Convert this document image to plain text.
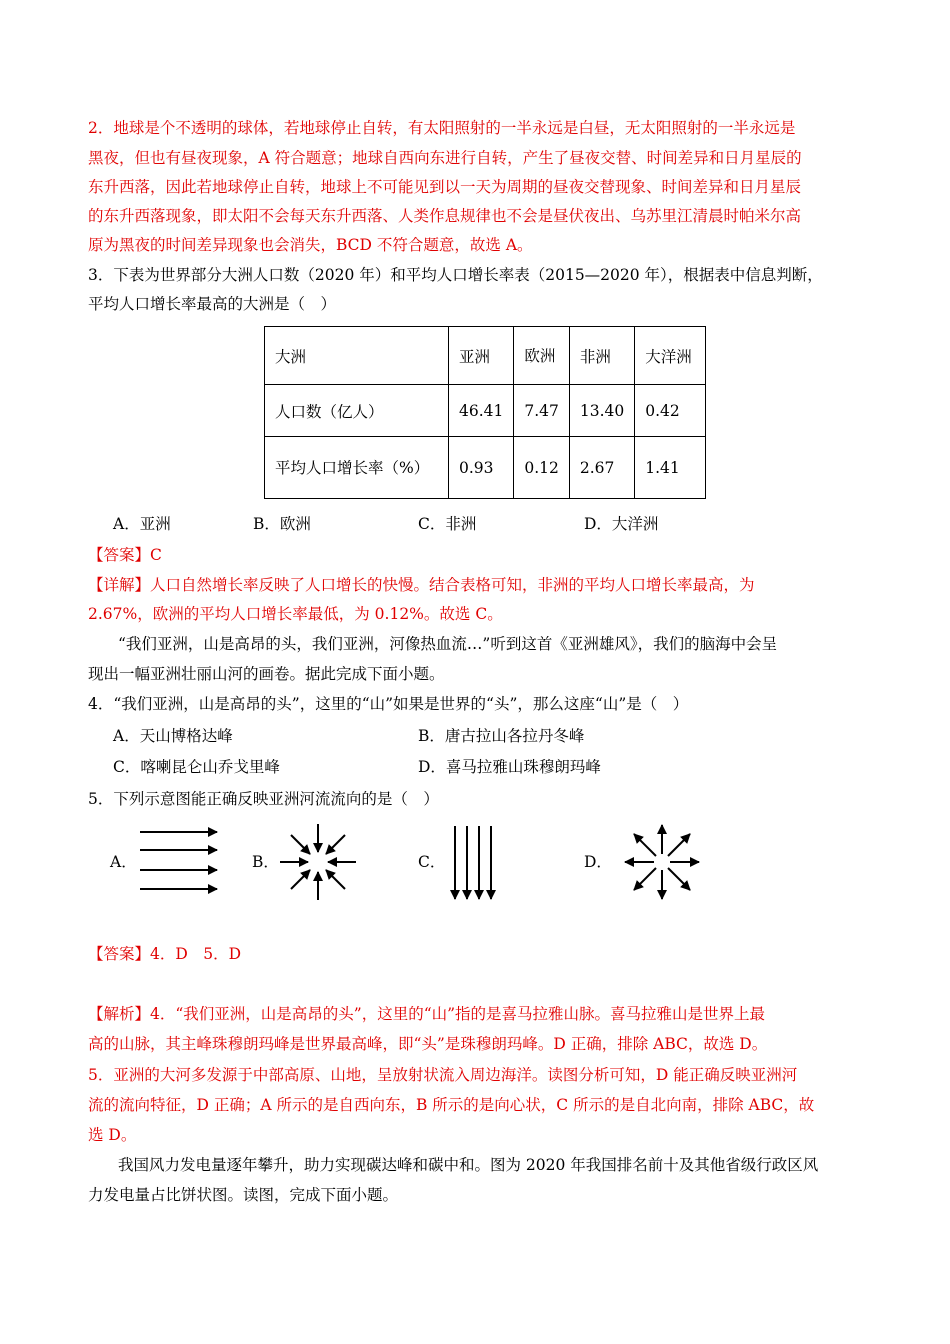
2．地球是个不透明的球体，若地球停止自转，有太阳照射的一半永远是白昼，无太阳照射的一半永远是
黑夜，但也有昼夜现象，A 符合题意；地球自西向东进行自转，产生了昼夜交替、时间差异和日月星辰的
东升西落，因此若地球停止自转，地球上不可能见到以一天为周期的昼夜交替现象、时间差异和日月星辰
的东升西落现象，即太阳不会每天东升西落、人类作息规律也不会是昼伏夜出、乌苏里江清晨时帕米尔高
原为黑夜的时间差异现象也会消失，BCD 不符合题意，故选 A。
3．下表为世界部分大洲人口数（2020 年）和平均人口增长率表（2015—2020 年），根据表中信息判断，
平均人口增长率最高的大洲是（　）
大洲	亚洲	欧洲	非洲	大洋洲
人口数（亿人）	46.41	7.47	13.40	0.42
平均人口增长率（%）	0.93	0.12	2.67	1.41
A．亚洲	B．欧洲	C．非洲	D．大洋洲
【答案】C
【详解】人口自然增长率反映了人口增长的快慢。结合表格可知，非洲的平均人口增长率最高，为
2.67%，欧洲的平均人口增长率最低，为 0.12%。故选 C。
“我们亚洲，山是高昂的头，我们亚洲，河像热血流…”听到这首《亚洲雄风》，我们的脑海中会呈
现出一幅亚洲壮丽山河的画卷。据此完成下面小题。
4．“我们亚洲，山是高昂的头”，这里的“山”如果是世界的“头”，那么这座“山”是（　）
A．天山博格达峰	B．唐古拉山各拉丹冬峰
C．喀喇昆仑山乔戈里峰	D．喜马拉雅山珠穆朗玛峰
5．下列示意图能正确反映亚洲河流流向的是（　）
A．	B．	C．	D．
【答案】4．D　5．D
【解析】4．“我们亚洲，山是高昂的头”，这里的“山”指的是喜马拉雅山脉。喜马拉雅山是世界上最
高的山脉，其主峰珠穆朗玛峰是世界最高峰，即“头”是珠穆朗玛峰。D 正确，排除 ABC，故选 D。
5．亚洲的大河多发源于中部高原、山地，呈放射状流入周边海洋。读图分析可知，D 能正确反映亚洲河
流的流向特征，D 正确；A 所示的是自西向东，B 所示的是向心状，C 所示的是自北向南，排除 ABC，故
选 D。
我国风力发电量逐年攀升，助力实现碳达峰和碳中和。图为 2020 年我国排名前十及其他省级行政区风
力发电量占比饼状图。读图，完成下面小题。
